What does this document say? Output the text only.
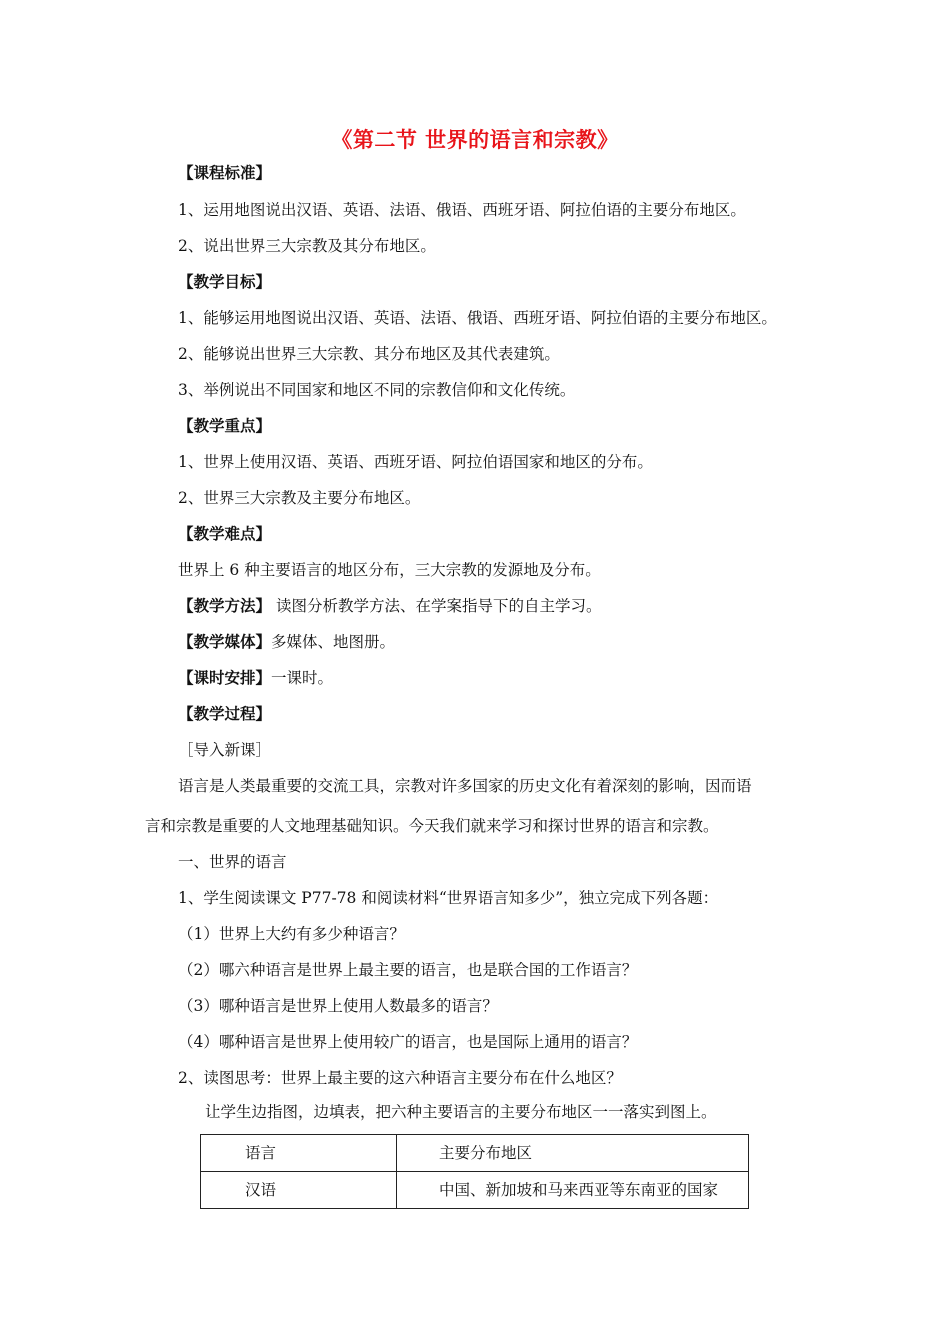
《第二节 世界的语言和宗教》
【课程标准】
1、运用地图说出汉语、英语、法语、俄语、西班牙语、阿拉伯语的主要分布地区。
2、说出世界三大宗教及其分布地区。
【教学目标】
1、能够运用地图说出汉语、英语、法语、俄语、西班牙语、阿拉伯语的主要分布地区。
2、能够说出世界三大宗教、其分布地区及其代表建筑。
3、举例说出不同国家和地区不同的宗教信仰和文化传统。
【教学重点】
1、世界上使用汉语、英语、西班牙语、阿拉伯语国家和地区的分布。
2、世界三大宗教及主要分布地区。
【教学难点】
世界上 6 种主要语言的地区分布，三大宗教的发源地及分布。
【教学方法】 读图分析教学方法、在学案指导下的自主学习。
【教学媒体】多媒体、地图册。
【课时安排】一课时。
【教学过程】
［导入新课］
语言是人类最重要的交流工具，宗教对许多国家的历史文化有着深刻的影响，因而语
言和宗教是重要的人文地理基础知识。今天我们就来学习和探讨世界的语言和宗教。
一、世界的语言
1、学生阅读课文 P77-78 和阅读材料“世界语言知多少”，独立完成下列各题：
（1）世界上大约有多少种语言？
（2）哪六种语言是世界上最主要的语言，也是联合国的工作语言？
（3）哪种语言是世界上使用人数最多的语言？
（4）哪种语言是世界上使用较广的语言，也是国际上通用的语言？
2、读图思考：世界上最主要的这六种语言主要分布在什么地区？
让学生边指图，边填表，把六种主要语言的主要分布地区一一落实到图上。
语言	主要分布地区
汉语	中国、新加坡和马来西亚等东南亚的国家
